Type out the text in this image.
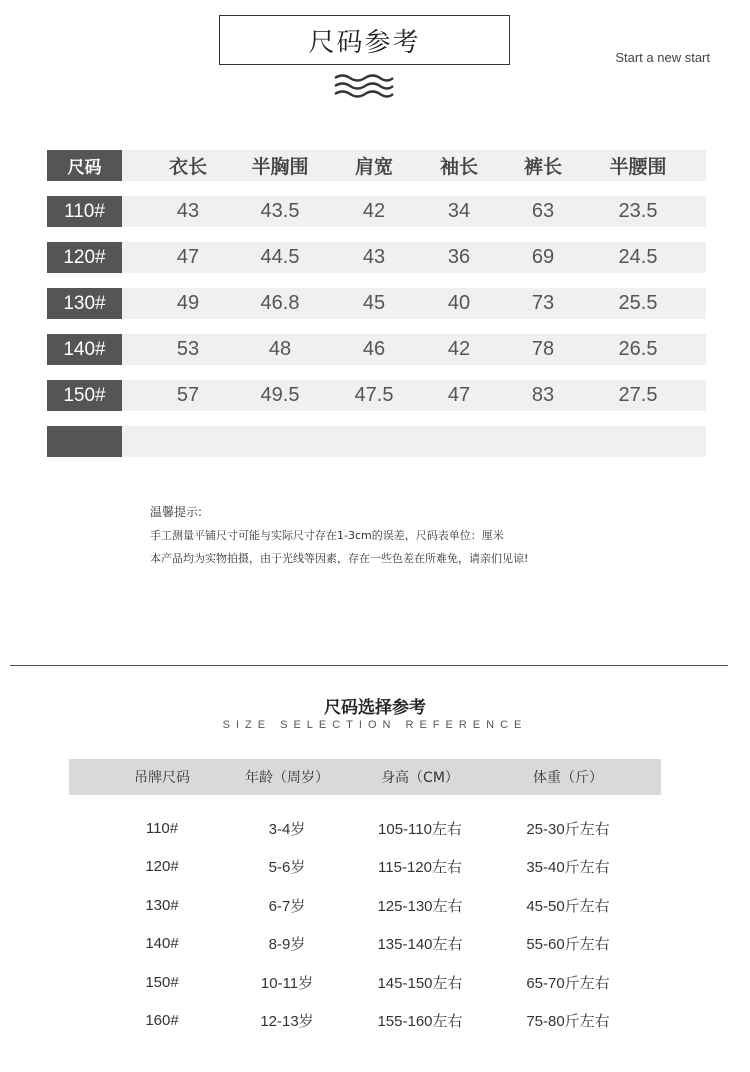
尺码参考	Start a new start
尺码	衣长	半胸围	肩宽	袖长	裤长	半腰围
110#	43	43.5	42	34	63	23.5
120#	47	44.5	43	36	69	24.5
130#	49	46.8	45	40	73	25.5
140#	53	48	46	42	78	26.5
150#	57	49.5	47.5	47	83	27.5
温馨提示:
手工测量平铺尺寸可能与实际尺寸存在1-3cm的误差，尺码表单位：厘米
本产品均为实物拍摄，由于光线等因素，存在一些色差在所难免，请亲们见谅!
尺码选择参考
SIZE SELECTION REFERENCE
吊牌尺码	年龄（周岁）	身高（CM）	体重（斤）
110#	3-4岁	105-110左右	25-30斤左右
120#	5-6岁	115-120左右	35-40斤左右
130#	6-7岁	125-130左右	45-50斤左右
140#	8-9岁	135-140左右	55-60斤左右
150#	10-11岁	145-150左右	65-70斤左右
160#	12-13岁	155-160左右	75-80斤左右
